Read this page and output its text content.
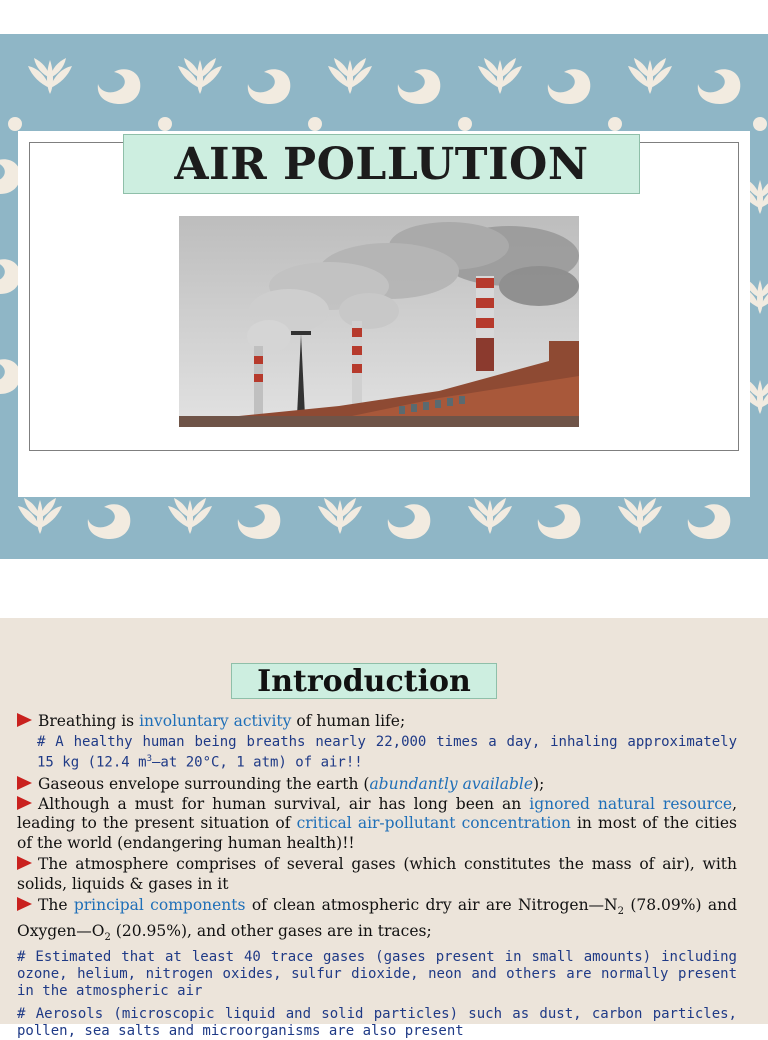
AIR POLLUTION
Introduction
Breathing is involuntary activity of human life;
# A healthy human being breaths nearly 22,000 times a day, inhaling approximately 15 kg (12.4 $m^3—at$ 20°C, 1 atm) of air!!
Gaseous envelope surrounding the earth (abundantly available);
Although a must for human survival, air has long been an ignored natural resource, leading to the present situation of critical air-pollutant concentration in most of the cities of the world (endangering human health)!!
The atmosphere comprises of several gases (which constitutes the mass of air), with solids, liquids & gases in it
The principal components of clean atmospheric dry air are $Nitrogen—N_2$ (78.09%) and $Oxygen—O_2$ (20.95%), and other gases are in traces;
# Estimated that at least 40 trace gases (gases present in small amounts) including ozone, helium, nitrogen oxides, sulfur dioxide, neon and others are normally present in the atmospheric air
# Aerosols (microscopic liquid and solid particles) such as dust, carbon particles, pollen, sea salts and microorganisms are also present
